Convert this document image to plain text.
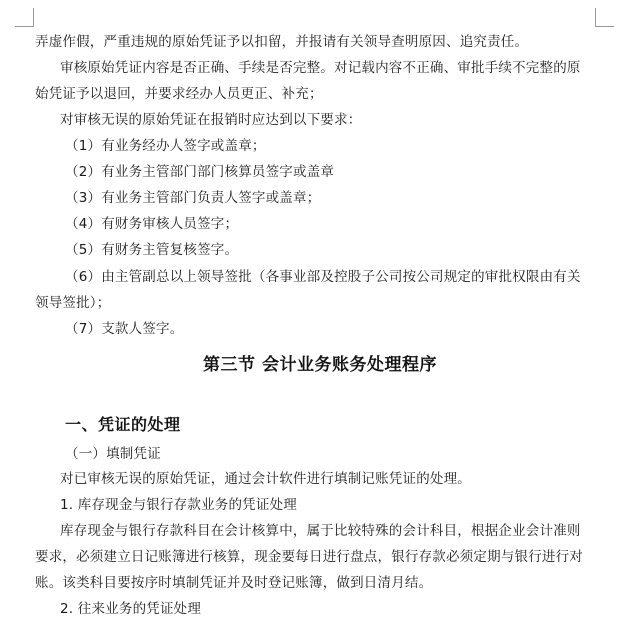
弄虚作假，严重违规的原始凭证予以扣留，并报请有关领导查明原因、追究责任。
审核原始凭证内容是否正确、手续是否完整。对记载内容不正确、审批手续不完整的原
始凭证予以退回，并要求经办人员更正、补充；
对审核无误的原始凭证在报销时应达到以下要求：
（1）有业务经办人签字或盖章；
（2）有业务主管部门部门核算员签字或盖章
（3）有业务主管部门负责人签字或盖章；
（4）有财务审核人员签字；
（5）有财务主管复核签字。
（6）由主管副总以上领导签批（各事业部及控股子公司按公司规定的审批权限由有关
领导签批）；
（7）支款人签字。
第三节 会计业务账务处理程序
一、凭证的处理
（一）填制凭证
对已审核无误的原始凭证，通过会计软件进行填制记账凭证的处理。
1. 库存现金与银行存款业务的凭证处理
库存现金与银行存款科目在会计核算中，属于比较特殊的会计科目，根据企业会计准则
要求，必须建立日记账簿进行核算，现金要每日进行盘点，银行存款必须定期与银行进行对
账。该类科目要按序时填制凭证并及时登记账簿，做到日清月结。
2. 往来业务的凭证处理
